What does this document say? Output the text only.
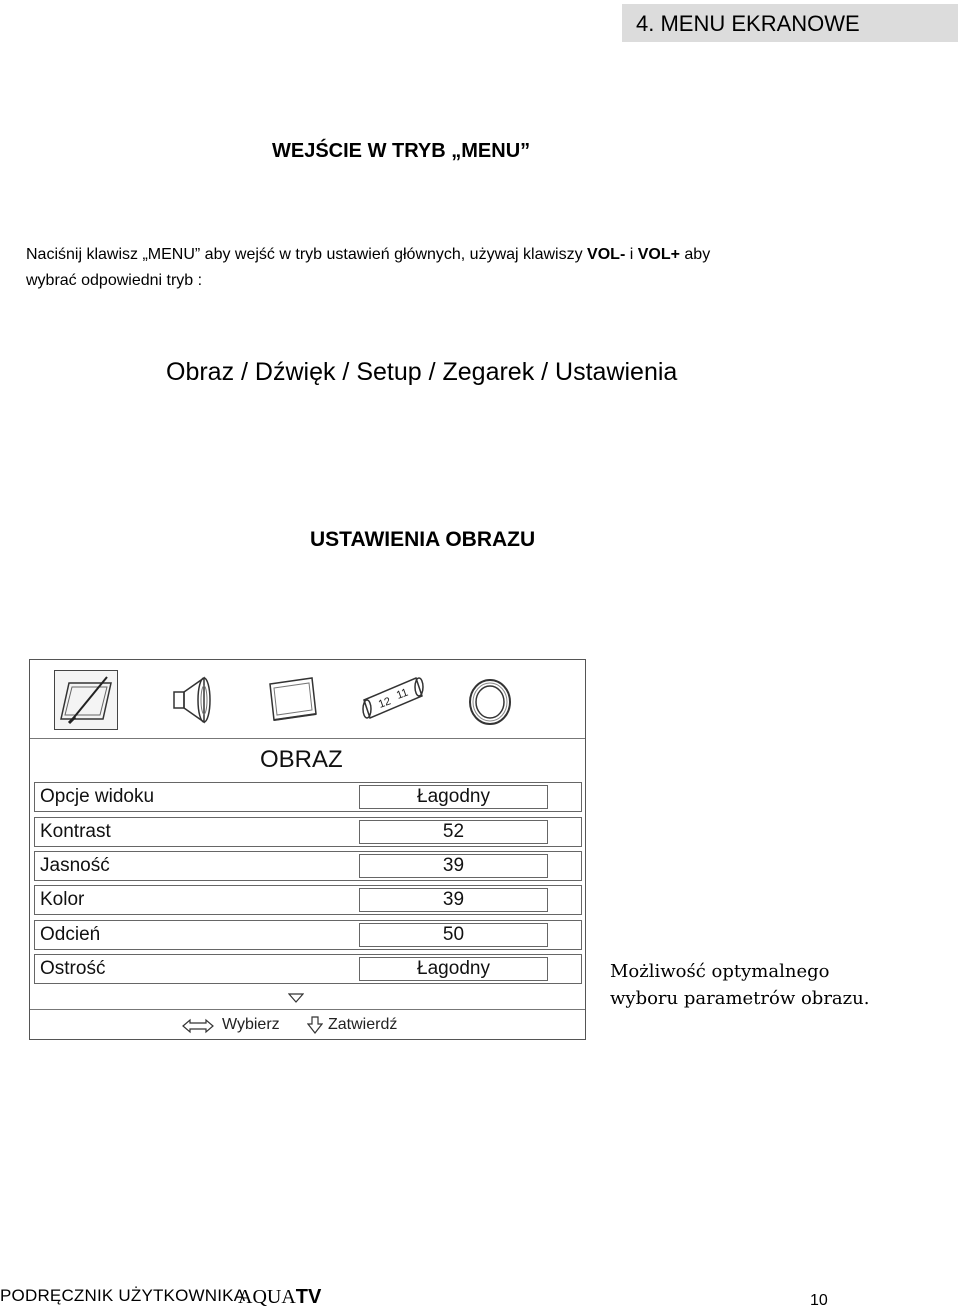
4. MENU EKRANOWE
WEJŚCIE W TRYB „MENU”
Naciśnij klawisz „MENU” aby wejść w tryb ustawień głównych, używaj klawiszy VOL- i VOL+ aby
wybrać odpowiedni tryb :
Obraz / Dźwięk / Setup / Zegarek / Ustawienia
USTAWIENIA OBRAZU
12
11
OBRAZ
Opcje widoku	Łagodny
Kontrast	52
Jasność	39
Kolor	39
Odcień	50
Ostrość	Łagodny
Wybierz	Zatwierdź
Możliwość optymalnego
wyboru parametrów obrazu.
PODRĘCZNIK UŻYTKOWNIKA
AQUATV	10
